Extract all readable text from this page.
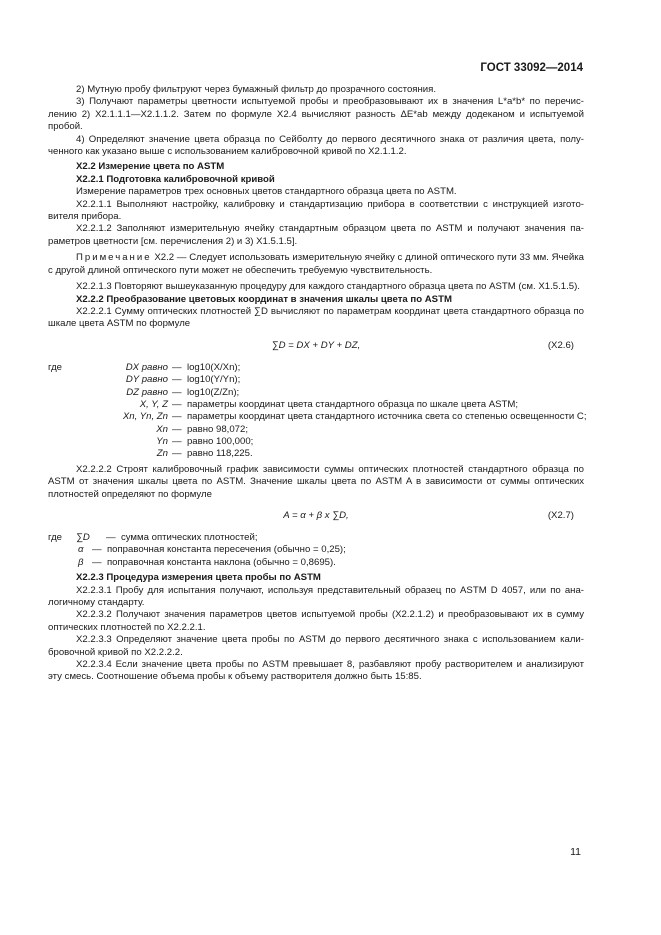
ГОСТ 33092—2014

2) Мутную пробу фильтруют через бумажный фильтр до прозрачного состояния.

3) Получают параметры цветности испытуемой пробы и преобразовывают их в значения L*a*b* по перечислению 2) X2.1.1.1—X2.1.1.2. Затем по формуле X2.4 вычисляют разность ΔE*ab между додеканом и испытуемой пробой.

4) Определяют значение цвета образца по Сейболту до первого десятичного знака от различия цвета, полученного как указано выше с использованием калибровочной кривой по X2.1.1.2.

X2.2 Измерение цвета по ASTM

X2.2.1 Подготовка калибровочной кривой

Измерение параметров трех основных цветов стандартного образца цвета по ASTM.

X2.2.1.1 Выполняют настройку, калибровку и стандартизацию прибора в соответствии с инструкцией изготовителя прибора.

X2.2.1.2 Заполняют измерительную ячейку стандартным образцом цвета по ASTM и получают значения параметров цветности [см. перечисления 2) и 3) X1.5.1.5].

Примечание X2.2 — Следует использовать измерительную ячейку с длиной оптического пути 33 мм. Ячейка с другой длиной оптического пути может не обеспечить требуемую чувствительность.

X2.2.1.3 Повторяют вышеуказанную процедуру для каждого стандартного образца цвета по ASTM (см. X1.5.1.5).

X2.2.2 Преобразование цветовых координат в значения шкалы цвета по ASTM

X2.2.2.1 Сумму оптических плотностей ∑D вычисляют по параметрам координат цвета стандартного образца по шкале цвета ASTM по формуле

∑D = DX + DY + DZ,	(X2.6)
где	DX равно — log10(X/Xn);
DY равно — log10(Y/Yn);
DZ равно — log10(Z/Zn);
X, Y, Z — параметры координат цвета стандартного образца по шкале цвета ASTM;
Xn, Yn, Zn — параметры координат цвета стандартного источника света со степенью освещенности C;
Xn — равно 98,072;
Yn — равно 100,000;
Zn — равно 118,225.

X2.2.2.2 Строят калибровочный график зависимости суммы оптических плотностей стандартного образца по ASTM от значения шкалы цвета по ASTM. Значение шкалы цвета по ASTM A в зависимости от суммы оптических плотностей определяют по формуле

A = α + β x ∑D,	(X2.7)
где ∑D — сумма оптических плотностей;
α — поправочная константа пересечения (обычно = 0,25);
β — поправочная константа наклона (обычно = 0,8695).

X2.2.3 Процедура измерения цвета пробы по ASTM

X2.2.3.1 Пробу для испытания получают, используя представительный образец по ASTM D 4057, или по аналогичному стандарту.

X2.2.3.2 Получают значения параметров цветов испытуемой пробы (X2.2.1.2) и преобразовывают их в сумму оптических плотностей по X2.2.2.1.

X2.2.3.3 Определяют значение цвета пробы по ASTM до первого десятичного знака с использованием калибровочной кривой по X2.2.2.2.

X2.2.3.4 Если значение цвета пробы по ASTM превышает 8, разбавляют пробу растворителем и анализируют эту смесь. Соотношение объема пробы к объему растворителя должно быть 15:85.

11
